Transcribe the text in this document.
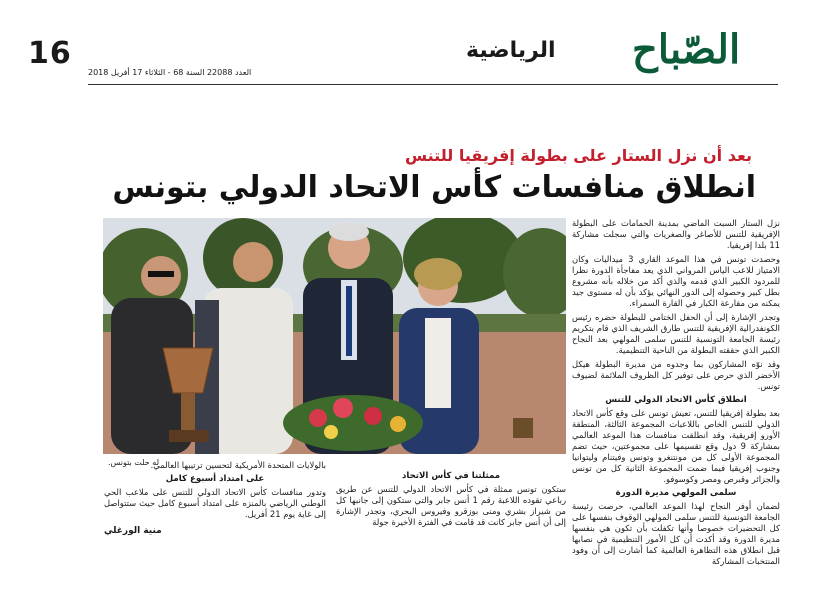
16
العدد 22088 السنة 68 - الثلاثاء 17 أفريل 2018
الرياضية الصّباح
بعد أن نزل الستار على بطولة إفريقيا للتنس
انطلاق منافسات كأس الاتحاد الدولي بتونس
له حلت بتونس.

نزل الستار السبت الماضي بمدينة الحمامات على البطولة الإفريقية للتنس للأصاغر والصغريات والتي سجلت مشاركة 11 بلدا إفريقيا.

وحصدت تونس في هذا الموعد القاري 3 ميداليات وكان الامتياز للاعب الياس المرواني الذي يعد مفاجأة الدورة نظرا للمردود الكبير الذي قدمه والذي أكد من خلاله بأنه مشروع بطل كبير وحصوله إلى الدور النهائي يؤكد بأن له مستوى جيد يمكنه من مقارعة الكبار في القارة السمراء.

وتجدر الإشارة إلى أن الحفل الختامي للبطولة حضره رئيس الكونفدرالية الإفريقية للتنس طارق الشريف الذي قام بتكريم رئيسة الجامعة التونسية للتنس سلمى المولهي بعد النجاح الكبير الذي حققته البطولة من الناحية التنظيمية.

وقد نوّه المشاركون بما وجدوه من مديرة البطولة هيكل الأخضر الذي حرص على توفير كل الظروف الملائمة لضيوف تونس.

انطلاق كأس الاتحاد الدولي للتنس

بعد بطولة إفريقيا للتنس، تعيش تونس على وقع كأس الاتحاد الدولي للتنس الخاص باللاعبات المجموعة الثالثة، المنطقة الأورو إفريقية، وقد انطلقت منافسات هذا الموعد العالمي بمشاركة 9 دول وقع تقسيمها على مجموعتين، حيث تضم المجموعة الأولى كل من مونتنغرو وتونس وفيتنام وليتوانيا وجنوب إفريقيا فيما ضمت المجموعة الثانية كل من تونس والجزائر وقبرص ومصر وكوسوفو.

سلمى المولهي مديرة الدورة

لضمان أوفر النجاح لهذا الموعد العالمي، حرصت رئيسة الجامعة التونسية للتنس سلمى المولهي الوقوف بنفسها على كل التحضيرات خصوصا وأنها تكفلت بأن تكون هي بنفسها مديرة الدورة وقد أكدت أن كل الأمور التنظيمية في نصابها قبل انطلاق هذه التظاهرة العالمية كما أشارت إلى أن وفود المنتخبات المشاركة

ممثلتنا في كأس الاتحاد

ستكون تونس ممثلة في كأس الاتحاد الدولي للتنس عن طريق رباعي تقوده اللاعبة رقم 1 أنس جابر والتي ستكون إلى جانبها كل من شيراز بشري ومنى بوزقرو وفيروس البحري، وتجدر الإشارة إلى أن أنس جابر كانت قد قامت في الفترة الأخيرة جولة

بالولايات المتحدة الأمريكية لتحسين ترتيبها العالمي.

على امتداد أسبوع كامل

وتدور منافسات كأس الاتحاد الدولي للتنس على ملاعب الحي الوطني الرياضي بالمنزه على امتداد أسبوع كامل حيث ستتواصل إلى غاية يوم 21 أفريل.

منية الورغلي
